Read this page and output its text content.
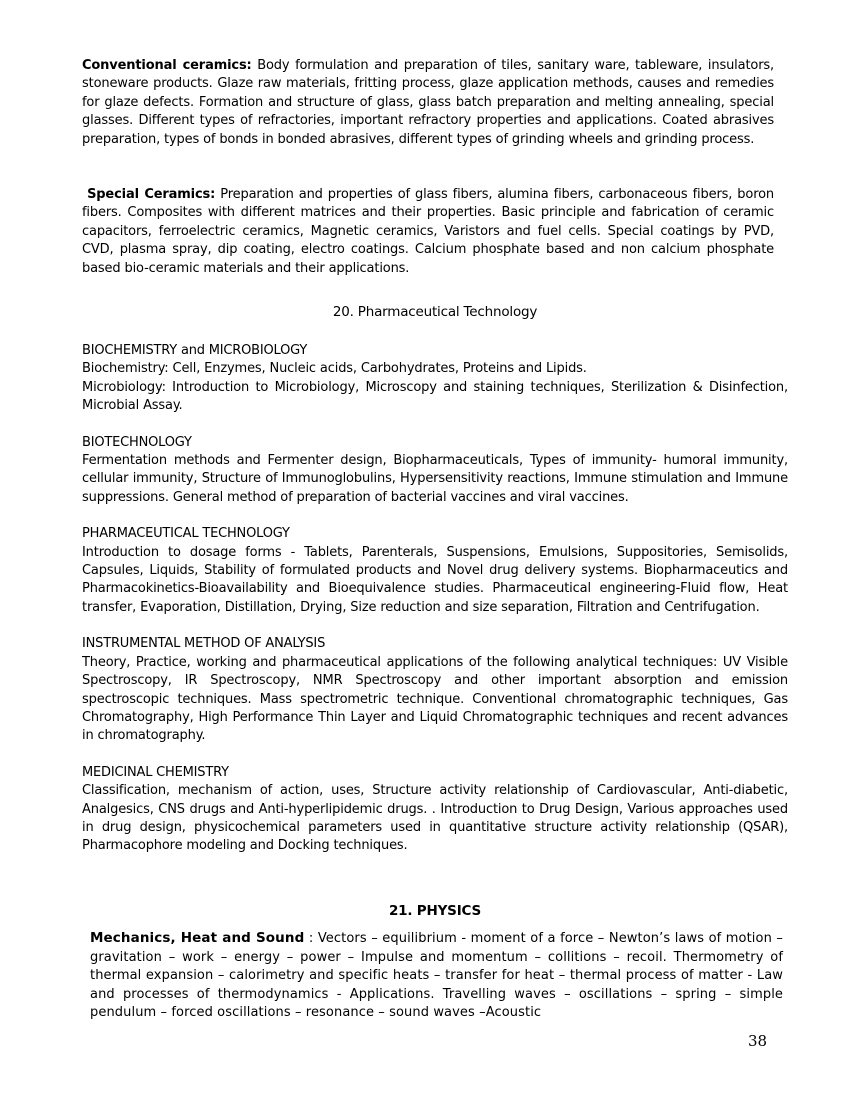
Conventional ceramics: Body formulation and preparation of tiles, sanitary ware, tableware, insulators, stoneware products. Glaze raw materials, fritting process, glaze application methods, causes and remedies for glaze defects. Formation and structure of glass, glass batch preparation and melting annealing, special glasses. Different types of refractories, important refractory properties and applications. Coated abrasives preparation, types of bonds in bonded abrasives, different types of grinding wheels and grinding process.
Special Ceramics: Preparation and properties of glass fibers, alumina fibers, carbonaceous fibers, boron fibers. Composites with different matrices and their properties. Basic principle and fabrication of ceramic capacitors, ferroelectric ceramics, Magnetic ceramics, Varistors and fuel cells. Special coatings by PVD, CVD, plasma spray, dip coating, electro coatings. Calcium phosphate based and non calcium phosphate based bio-ceramic materials and their applications.
20. Pharmaceutical Technology
BIOCHEMISTRY and MICROBIOLOGY

Biochemistry: Cell, Enzymes, Nucleic acids, Carbohydrates, Proteins and Lipids.

Microbiology: Introduction to Microbiology, Microscopy and staining techniques, Sterilization & Disinfection, Microbial Assay.

BIOTECHNOLOGY

Fermentation methods and Fermenter design, Biopharmaceuticals, Types of immunity- humoral immunity, cellular immunity, Structure of Immunoglobulins, Hypersensitivity reactions, Immune stimulation and Immune suppressions. General method of preparation of bacterial vaccines and viral vaccines.

PHARMACEUTICAL TECHNOLOGY

Introduction to dosage forms - Tablets, Parenterals, Suspensions, Emulsions, Suppositories, Semisolids, Capsules, Liquids, Stability of formulated products and Novel drug delivery systems. Biopharmaceutics and Pharmacokinetics-Bioavailability and Bioequivalence studies. Pharmaceutical engineering-Fluid flow, Heat transfer, Evaporation, Distillation, Drying, Size reduction and size separation, Filtration and Centrifugation.

INSTRUMENTAL METHOD OF ANALYSIS

Theory, Practice, working and pharmaceutical applications of the following analytical techniques: UV Visible Spectroscopy, IR Spectroscopy, NMR Spectroscopy and other important absorption and emission spectroscopic techniques. Mass spectrometric technique. Conventional chromatographic techniques, Gas Chromatography, High Performance Thin Layer and Liquid Chromatographic techniques and recent advances in chromatography.

MEDICINAL CHEMISTRY

Classification, mechanism of action, uses, Structure activity relationship of Cardiovascular, Anti-diabetic, Analgesics, CNS drugs and Anti-hyperlipidemic drugs. . Introduction to Drug Design, Various approaches used in drug design, physicochemical parameters used in quantitative structure activity relationship (QSAR), Pharmacophore modeling and Docking techniques.

21. PHYSICS
Mechanics, Heat and Sound : Vectors – equilibrium - moment of a force – Newton’s laws of motion – gravitation – work – energy – power – Impulse and momentum – collitions – recoil. Thermometry of thermal expansion – calorimetry and specific heats – transfer for heat – thermal process of matter - Law and processes of thermodynamics - Applications. Travelling waves – oscillations – spring – simple pendulum – forced oscillations – resonance – sound waves –Acoustic
38
